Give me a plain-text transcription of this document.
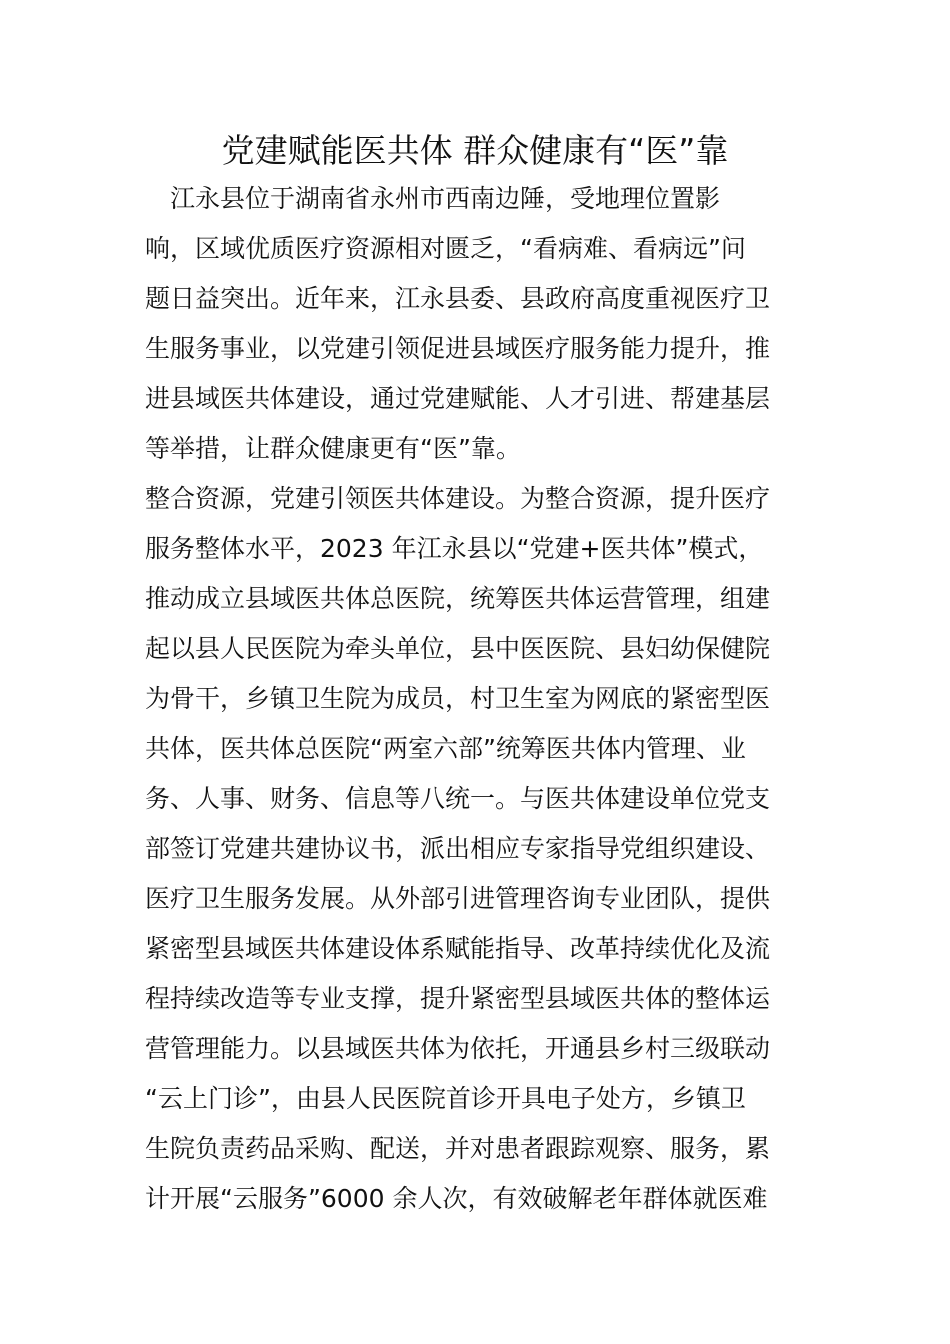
党建赋能医共体 群众健康有“医”靠
　江永县位于湖南省永州市西南边陲，受地理位置影
响，区域优质医疗资源相对匮乏，“看病难、看病远”问
题日益突出。近年来，江永县委、县政府高度重视医疗卫
生服务事业，以党建引领促进县域医疗服务能力提升，推
进县域医共体建设，通过党建赋能、人才引进、帮建基层
等举措，让群众健康更有“医”靠。
整合资源，党建引领医共体建设。为整合资源，提升医疗
服务整体水平，2023 年江永县以“党建+医共体”模式，
推动成立县域医共体总医院，统筹医共体运营管理，组建
起以县人民医院为牵头单位，县中医医院、县妇幼保健院
为骨干，乡镇卫生院为成员，村卫生室为网底的紧密型医
共体，医共体总医院“两室六部”统筹医共体内管理、业
务、人事、财务、信息等八统一。与医共体建设单位党支
部签订党建共建协议书，派出相应专家指导党组织建设、
医疗卫生服务发展。从外部引进管理咨询专业团队，提供
紧密型县域医共体建设体系赋能指导、改革持续优化及流
程持续改造等专业支撑，提升紧密型县域医共体的整体运
营管理能力。以县域医共体为依托，开通县乡村三级联动
“云上门诊”，由县人民医院首诊开具电子处方，乡镇卫
生院负责药品采购、配送，并对患者跟踪观察、服务，累
计开展“云服务”6000 余人次，有效破解老年群体就医难
